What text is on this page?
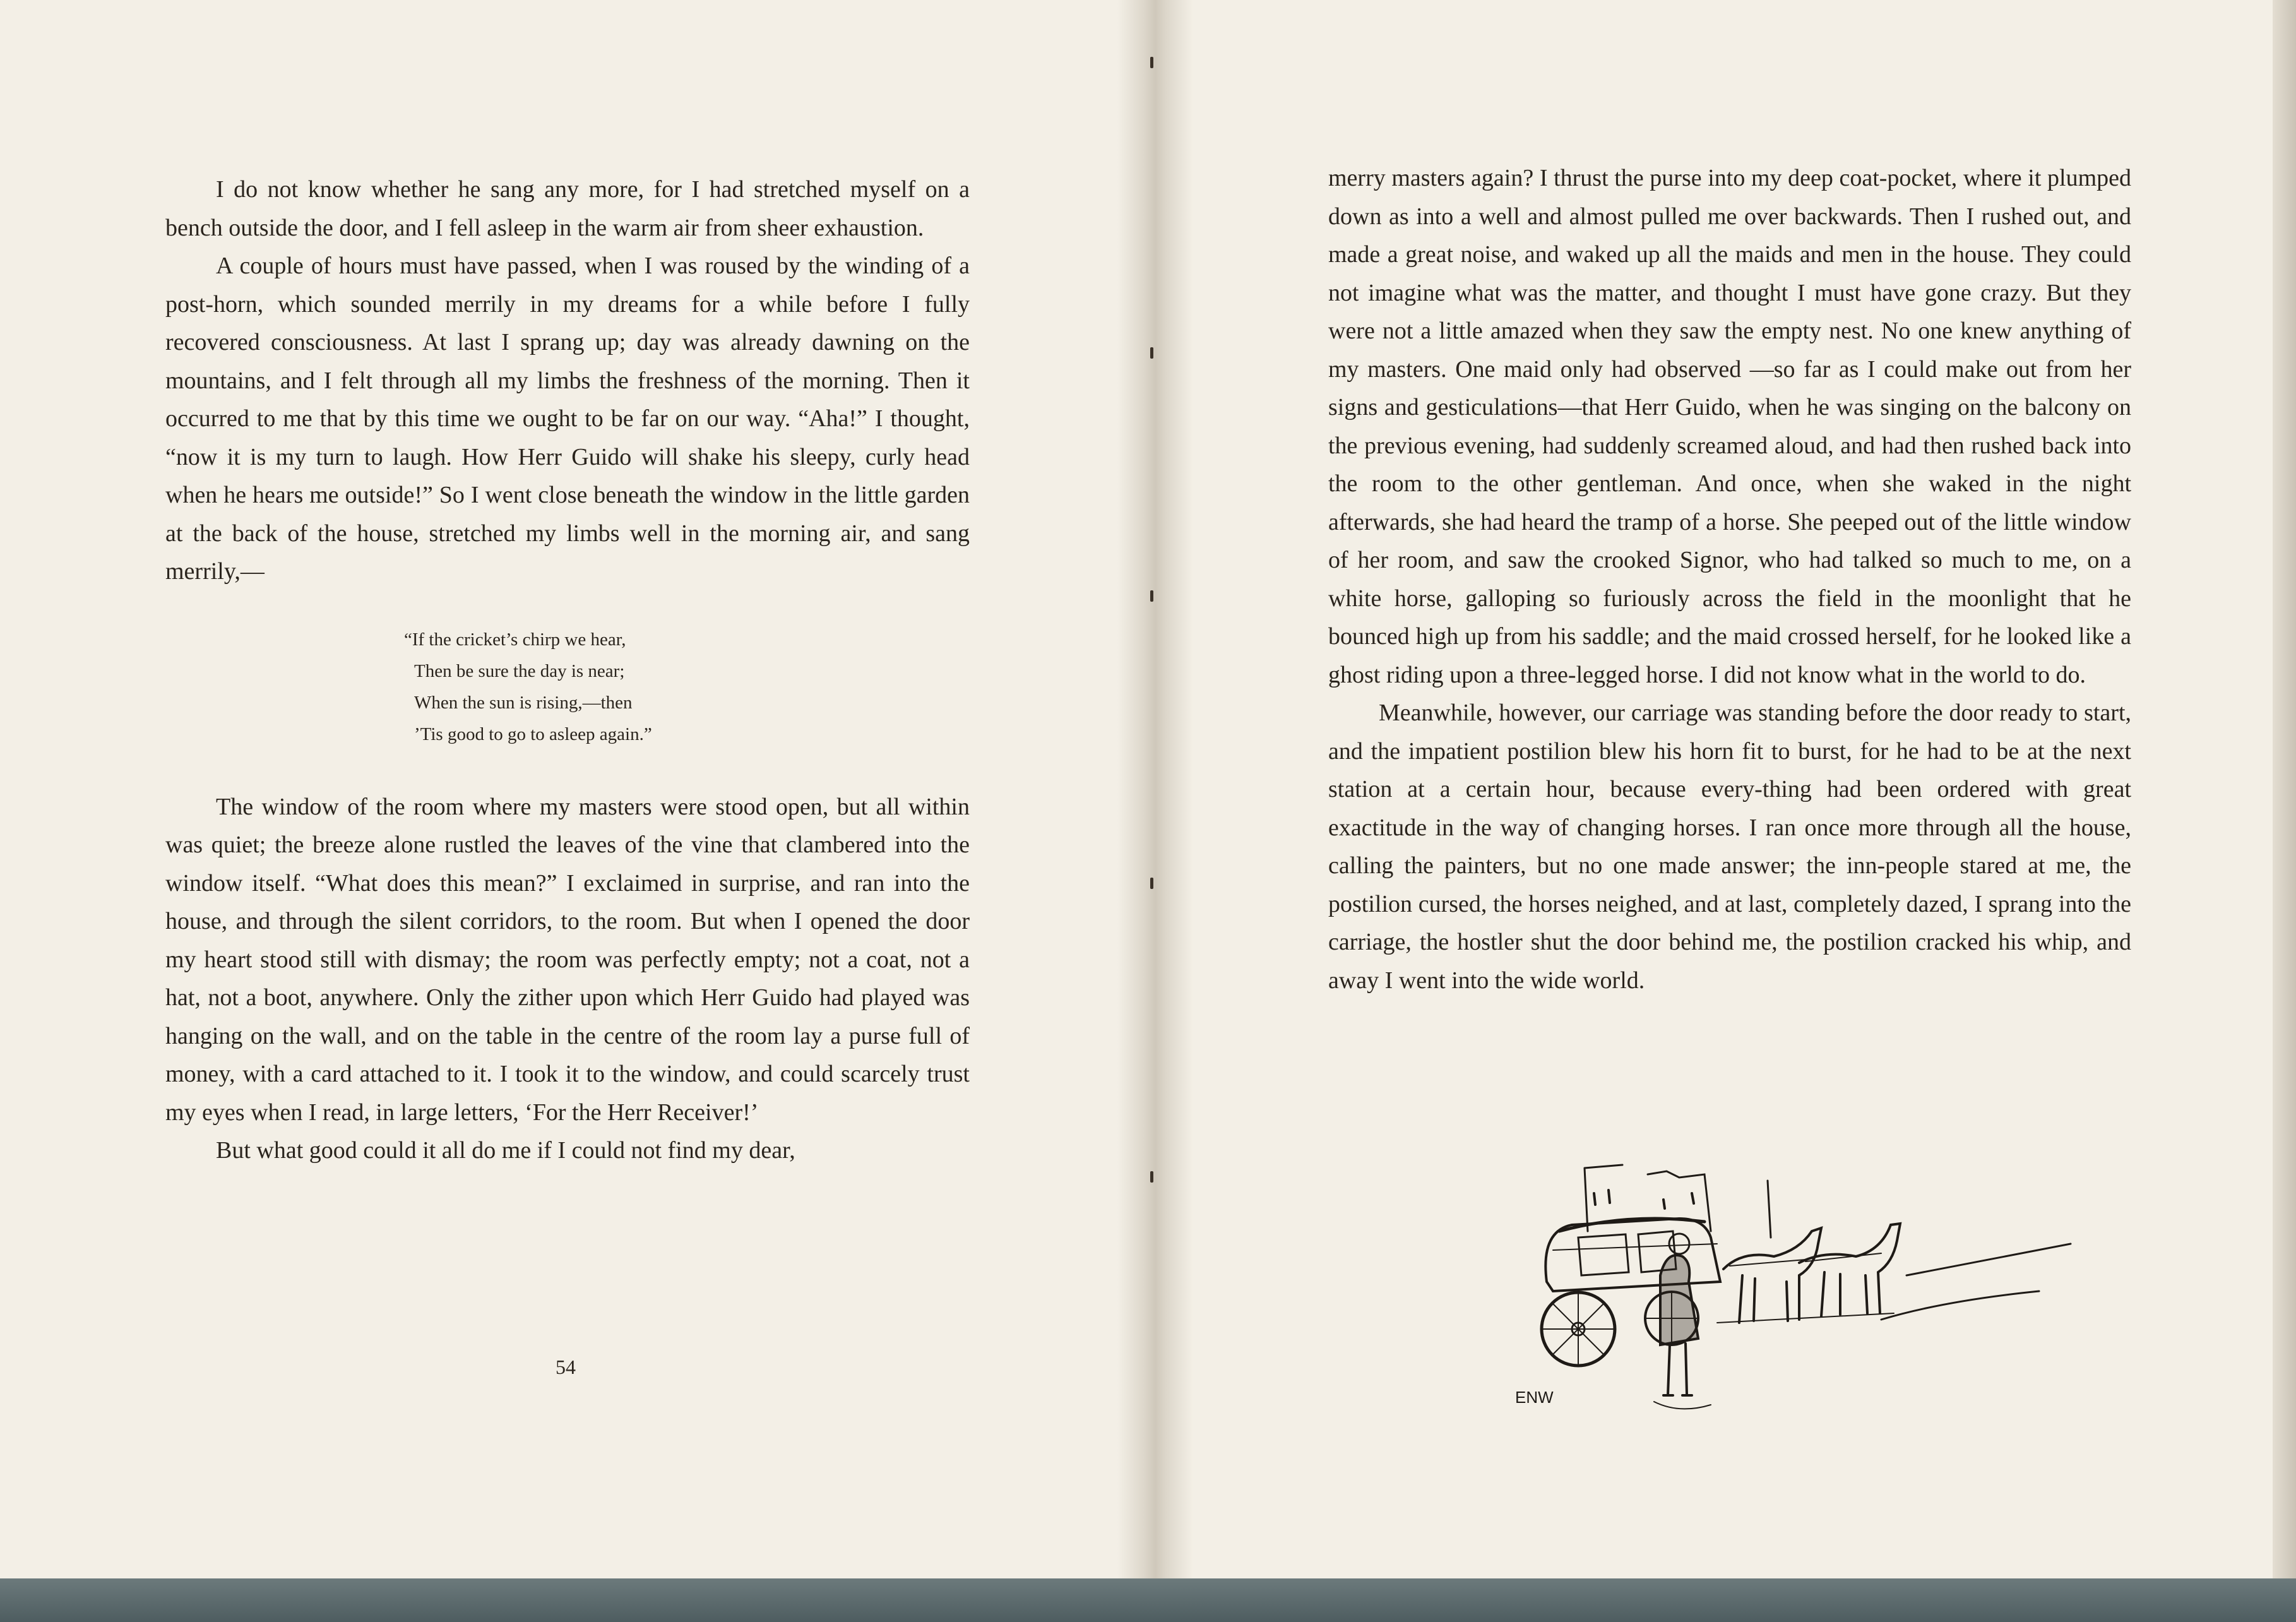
I do not know whether he sang any more, for I had stretched myself on a bench outside the door, and I fell asleep in the warm air from sheer exhaustion.

A couple of hours must have passed, when I was roused by the winding of a post-horn, which sounded merrily in my dreams for a while before I fully recovered consciousness. At last I sprang up; day was already dawning on the mountains, and I felt through all my limbs the freshness of the morning. Then it occurred to me that by this time we ought to be far on our way. “Aha!” I thought, “now it is my turn to laugh. How Herr Guido will shake his sleepy, curly head when he hears me outside!” So I went close beneath the window in the little garden at the back of the house, stretched my limbs well in the morning air, and sang merrily,—

“If the cricket’s chirp we hear,
Then be sure the day is near;
When the sun is rising,—then
’Tis good to go to asleep again.”

The window of the room where my masters were stood open, but all within was quiet; the breeze alone rustled the leaves of the vine that clambered into the window itself. “What does this mean?” I exclaimed in surprise, and ran into the house, and through the silent corridors, to the room. But when I opened the door my heart stood still with dismay; the room was perfectly empty; not a coat, not a hat, not a boot, anywhere. Only the zither upon which Herr Guido had played was hanging on the wall, and on the table in the centre of the room lay a purse full of money, with a card attached to it. I took it to the window, and could scarcely trust my eyes when I read, in large letters, ‘For the Herr Receiver!’

But what good could it all do me if I could not find my dear,

54

merry masters again? I thrust the purse into my deep coat-pocket, where it plumped down as into a well and almost pulled me over backwards. Then I rushed out, and made a great noise, and waked up all the maids and men in the house. They could not imagine what was the matter, and thought I must have gone crazy. But they were not a little amazed when they saw the empty nest. No one knew anything of my masters. One maid only had observed —so far as I could make out from her signs and gesticulations—that Herr Guido, when he was singing on the balcony on the previous evening, had suddenly screamed aloud, and had then rushed back into the room to the other gentleman. And once, when she waked in the night afterwards, she had heard the tramp of a horse. She peeped out of the little window of her room, and saw the crooked Signor, who had talked so much to me, on a white horse, galloping so furiously across the field in the moonlight that he bounced high up from his saddle; and the maid crossed herself, for he looked like a ghost riding upon a three-legged horse. I did not know what in the world to do.

Meanwhile, however, our carriage was standing before the door ready to start, and the impatient postilion blew his horn fit to burst, for he had to be at the next station at a certain hour, because every-thing had been ordered with great exactitude in the way of changing horses. I ran once more through all the house, calling the painters, but no one made answer; the inn-people stared at me, the postilion cursed, the horses neighed, and at last, completely dazed, I sprang into the carriage, the hostler shut the door behind me, the postilion cracked his whip, and away I went into the wide world.

ENW
